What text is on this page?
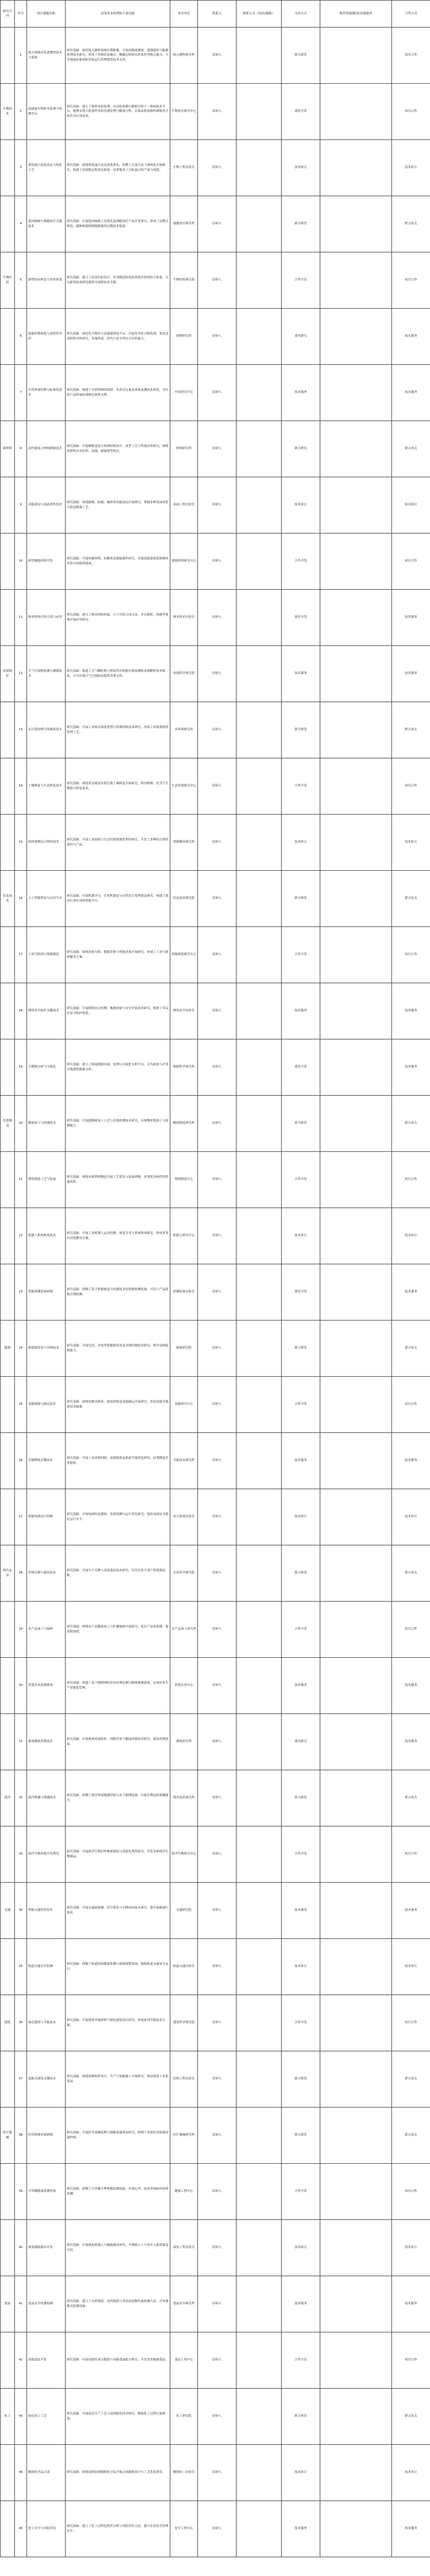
研究方向	序号	项目课题名称	成果基本原理和主要功能	需求单位	联系人	联系方式（电话/邮箱）	支持方式	推荐资源/服务/设备服务	合作方式
	1	航天领域用先进测控技术与系统	研究基础：依托航天测控领域长期积累，开展高精度测量、遥测遥控与数据处理技术研究，形成了多源信息融合、精确定轨和实时监控等核心能力，可为地面站系统和在轨运行管理提供技术支持。	航天测控研究所	彭研人		联合研发		技术合作
生物技术	2	高通量生物样本处理与检测平台	研究基础：建立了集样本前处理、自动化检测与数据分析于一体的技术平台，能够实现大批量样本的快速处理与精准分析，在临床检验和科研服务方面具有应用前景。	生物技术研究中心	彭研人		委托开发		项目合作
	3	重组蛋白高效表达与纯化工艺	研究基础：围绕重组蛋白表达体系优化、发酵工艺放大及下游纯化开展研究，构建了高效稳定的表达系统，显著提高了目标蛋白的产量与纯度。	生物工程实验室	彭研人		技术转让		技术转让
	4	基因编辑与细胞治疗关键技术	研究基础：开展基因编辑工具优化及细胞治疗产品开发研究，形成了从靶点筛选、载体构建到细胞制备的完整技术链条。	细胞治疗研究所	彭研人		联合研发		联合攻关
生物医药	5	新型疫苗研发与评价体系	研究基础：建立了疫苗抗原设计、佐剂筛选和免疫效果评价的综合体系，可为新型疫苗研发提供全流程技术支撑。	生物医药研究院	彭研人		合作开发		项目合作
	6	创新药物筛选与成药性评价	研究基础：依托化合物库与高通量筛选平台，开展先导化合物发现、优化及成药性评价研究，具备药效、药代与安全性综合评价能力。	药物研究所	彭研人		委托研究		技术服务
	7	中药质量控制与标准化技术	研究基础：构建了中药材指纹图谱、多成分定量及质量追溯技术体系，为中药产品质量标准制定提供支撑。	中药研究中心	彭研人		技术服务		技术服务
新材料	8	高性能复合材料制备技术	研究基础：开展树脂基复合材料结构设计、成型工艺与性能评价研究，研制的材料具有轻质、高强、耐腐蚀等特点。	材料研究所	彭研人		联合研发		联合攻关
	9	功能涂层与表面改性技术	研究基础：围绕耐磨、防腐、隔热等功能涂层开展研究，掌握多种表面改性与涂层制备工艺。	表面工程实验室	彭研人		技术转让		技术转让
	10	新型储能材料开发	研究基础：开展电极材料、电解质及储能器件研究，在提高能量密度和循环寿命方面取得进展。	能源材料研究中心	彭研人		合作开发		项目合作
	11	纳米材料可控合成与应用	研究基础：建立了纳米材料形貌、尺寸可控合成方法，并在催化、传感等领域开展应用研究。	纳米技术实验室	彭研人		委托开发		技术服务
环境保护	12	大气污染物监测与溯源技术	研究基础：构建了大气颗粒物与挥发性有机物在线监测和来源解析技术体系，可为区域大气污染防治提供决策支持。	环境科学研究院	彭研人		技术服务		技术服务
	13	水污染治理与资源化技术	研究基础：开展工业废水深度处理与资源回收技术研究，形成了高效低耗的处理工艺。	水环境研究所	彭研人		联合研发		联合攻关
	14	土壤修复与生态恢复技术	研究基础：围绕重金属及有机污染土壤修复开展研究，形成物理、化学与生物联合修复技术。	生态环境研究中心	彭研人		合作开发		项目合作
	15	固体废物综合利用技术	研究基础：开展工业固废与生活垃圾资源化利用研究，开发了多种综合利用途径与产品。	资源循环研究所	彭研人		技术转让		技术转让
信息技术	16	人工智能算法与应用平台	研究基础：开展机器学习、计算机视觉与自然语言处理算法研究，构建了面向行业应用的智能平台。	信息技术研究院	彭研人		联合研发		联合攻关
	17	工业互联网与智能制造	研究基础：围绕设备互联、数据采集与智能决策开展研究，形成了工业互联网解决方案。	智能制造研究中心	彭研人		合作开发		项目合作
	18	网络安全防护关键技术	研究基础：开展网络攻击检测、数据加密与安全评估技术研究，构建了多层次安全防护体系。	网络安全实验室	彭研人		技术服务		技术服务
	19	大数据分析与可视化	研究基础：建立了海量数据存储、处理与可视化分析平台，可为政府与企业决策提供数据支持。	数据科学研究所	彭研人		委托开发		技术服务
先进制造	20	精密加工与检测技术	研究基础：开展超精密加工工艺与在线检测技术研究，具备微米级加工与检测能力。	精密制造研究所	彭研人		联合研发		联合攻关
	21	增材制造工艺与装备	研究基础：围绕金属增材制造开展工艺优化与装备研制，实现复杂构件的快速成形。	增材制造中心	彭研人		合作开发		项目合作
	22	机器人系统集成技术	研究基础：开展工业机器人运动控制、视觉引导与系统集成研究，形成多类自动化解决方案。	机器人研究中心	彭研人		技术转让		技术转让
	23	智能检测装备研制	研究基础：研制了基于机器视觉与传感技术的智能检测装备，可用于产品质量在线检测。	检测装备实验室	彭研人		委托开发		技术服务
能源	24	新能源发电与并网技术	研究基础：开展光伏、风电等新能源发电及并网控制技术研究，提升电网接纳能力。	能源研究院	彭研人		联合研发		联合攻关
	25	氢能制备与储运技术	研究基础：围绕电解水制氢、储氢材料及氢能储运开展研究，形成氢能全链条技术储备。	氢能研究中心	彭研人		合作开发		项目合作
	26	节能降耗关键技术	研究基础：开展工业余热回收、高效换热及系统节能优化研究，显著降低企业能耗。	节能技术研究所	彭研人		技术服务		技术服务
	27	智能电网运行控制	研究基础：开展电网状态感知、负荷预测与运行优化研究，提高电网安全稳定运行水平。	电力系统实验室	彭研人		技术转让		技术转让
现代农业	28	作物育种与栽培技术	研究基础：开展分子育种与高效栽培技术研究，培育出多个高产优质新品种。	农业科学研究院	彭研人		联合研发		联合攻关
	29	农产品加工与保鲜	研究基础：围绕农产品精深加工与贮藏保鲜开展研究，延长产品货架期，提高附加值。	农产品加工研究所	彭研人		合作开发		项目合作
	30	智慧农业监测系统	研究基础：构建了基于物联网的农田环境监测与精准灌溉系统，实现农业生产智能化管理。	智慧农业中心	彭研人		技术服务		技术服务
	31	畜禽健康养殖技术	研究基础：开展畜禽疫病防控、饲料营养与健康养殖技术研究，提高养殖效益。	畜牧研究所	彭研人		委托研究		技术服务
海洋	32	海洋观测与探测技术	研究基础：研制了海洋环境观测浮标与水下探测装备，具备长期连续观测能力。	海洋技术研究所	彭研人		联合研发		联合攻关
	33	海洋生物资源开发利用	研究基础：开展海洋生物活性物质提取与高值化利用研究，开发多种海洋生物制品。	海洋生物研究中心	彭研人		合作开发		项目合作
交通	34	智能交通管控技术	研究基础：开展交通流检测、信号优化与车路协同技术研究，提升道路通行效率。	交通研究院	彭研人		技术服务		技术服务
	35	轨道交通安全监测	研究基础：研制了轨道结构健康监测与故障预警系统，保障轨道交通安全运行。	轨道交通实验室	彭研人		技术转让		技术转让
建筑	36	绿色建筑与节能技术	研究基础：开展建筑节能材料与绿色建筑设计研究，形成系列节能技术方案。	建筑科学研究院	彭研人		合作开发		项目合作
	37	装配式建筑关键技术	研究基础：围绕预制构件设计、生产与装配施工开展研究，推动建筑工业化发展。	结构工程实验室	彭研人		联合研发		联合攻关
医疗器械	38	医用影像设备研制	研究基础：开展医学成像原理与图像重建算法研究，研制了多款医用影像设备样机。	医疗器械研究所	彭研人		联合研发		联合攻关
	39	可穿戴健康监测设备	研究基础：研制了可穿戴生理参数监测设备，实现心率、血氧等指标的连续监测。	健康工程中心	彭研人		合作开发		项目合作
	40	康复辅助器具开发	研究基础：开展康复机器人与辅助器具研究，为残障人士与老年人提供康复支持。	康复工程实验室	彭研人		技术转让		技术转让
食品	41	食品安全快速检测	研究基础：建立了农药残留、兽药残留与非法添加物快速检测方法，开发便携式检测设备。	食品安全研究所	彭研人		技术服务		技术服务
	42	功能食品开发	研究基础：开展功能性成分提取与功能食品配方研究，开发多款健康食品。	食品工程中心	彭研人		合作开发		项目合作
化工	43	绿色化工工艺	研究基础：开展清洁生产工艺与高效催化技术研究，降低化工过程污染排放。	化工研究院	彭研人		联合研发		联合攻关
	44	精细化学品合成	研究基础：围绕高附加值精细化学品开展合成路线设计与工艺优化研究。	精细化工实验室	彭研人		技术转让		技术转让
	45	化工安全与风险评估	研究基础：建立了化工过程危险性分析与风险评估方法，提升企业安全管理水平。	安全工程中心	彭研人		技术服务		技术服务
